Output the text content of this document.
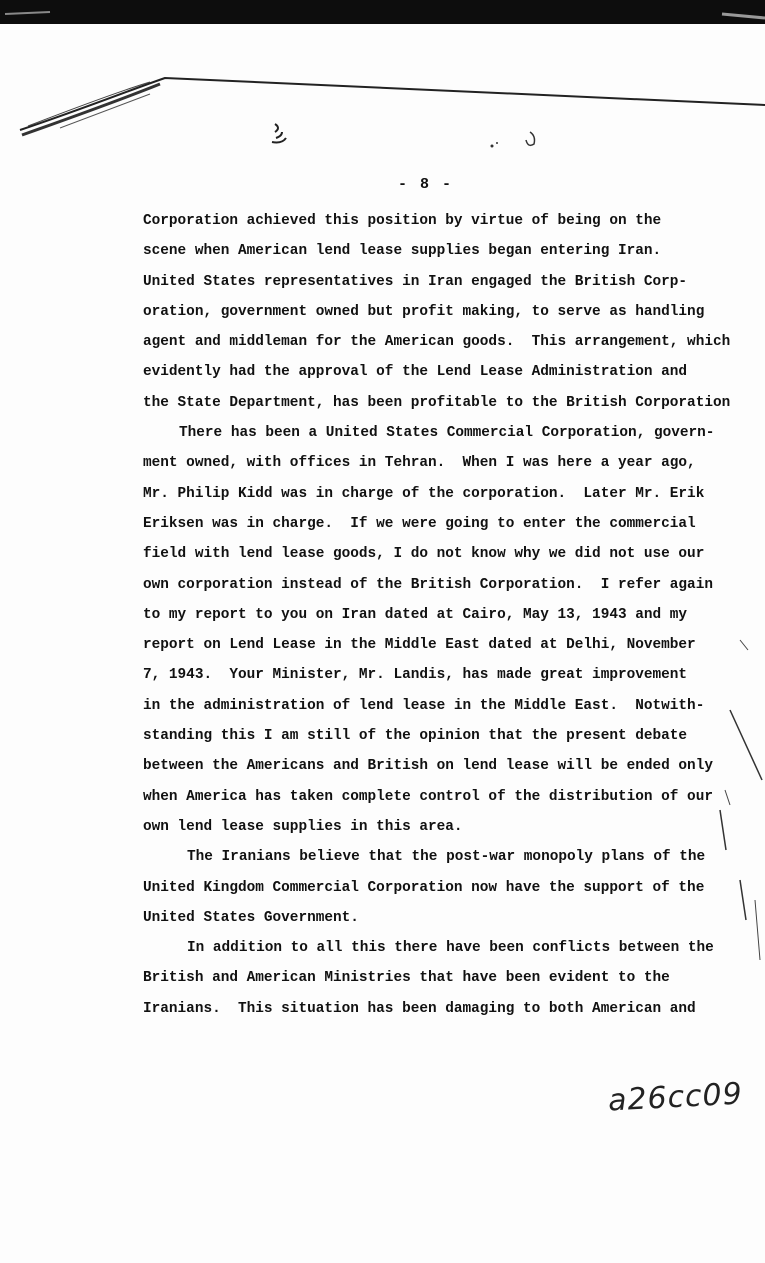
- 8 -
Corporation achieved this position by virtue of being on the
scene when American lend lease supplies began entering Iran.
United States representatives in Iran engaged the British Corp-
oration, government owned but profit making, to serve as handling
agent and middleman for the American goods.  This arrangement, which
evidently had the approval of the Lend Lease Administration and
the State Department, has been profitable to the British Corporation
There has been a United States Commercial Corporation, govern-
ment owned, with offices in Tehran.  When I was here a year ago,
Mr. Philip Kidd was in charge of the corporation.  Later Mr. Erik
Eriksen was in charge.  If we were going to enter the commercial
field with lend lease goods, I do not know why we did not use our
own corporation instead of the British Corporation.  I refer again
to my report to you on Iran dated at Cairo, May 13, 1943 and my
report on Lend Lease in the Middle East dated at Delhi, November
7, 1943.  Your Minister, Mr. Landis, has made great improvement
in the administration of lend lease in the Middle East.  Notwith-
standing this I am still of the opinion that the present debate
between the Americans and British on lend lease will be ended only
when America has taken complete control of the distribution of our
own lend lease supplies in this area.
The Iranians believe that the post-war monopoly plans of the
United Kingdom Commercial Corporation now have the support of the
United States Government.
In addition to all this there have been conflicts between the
British and American Ministries that have been evident to the
Iranians.  This situation has been damaging to both American and
a26cc09
